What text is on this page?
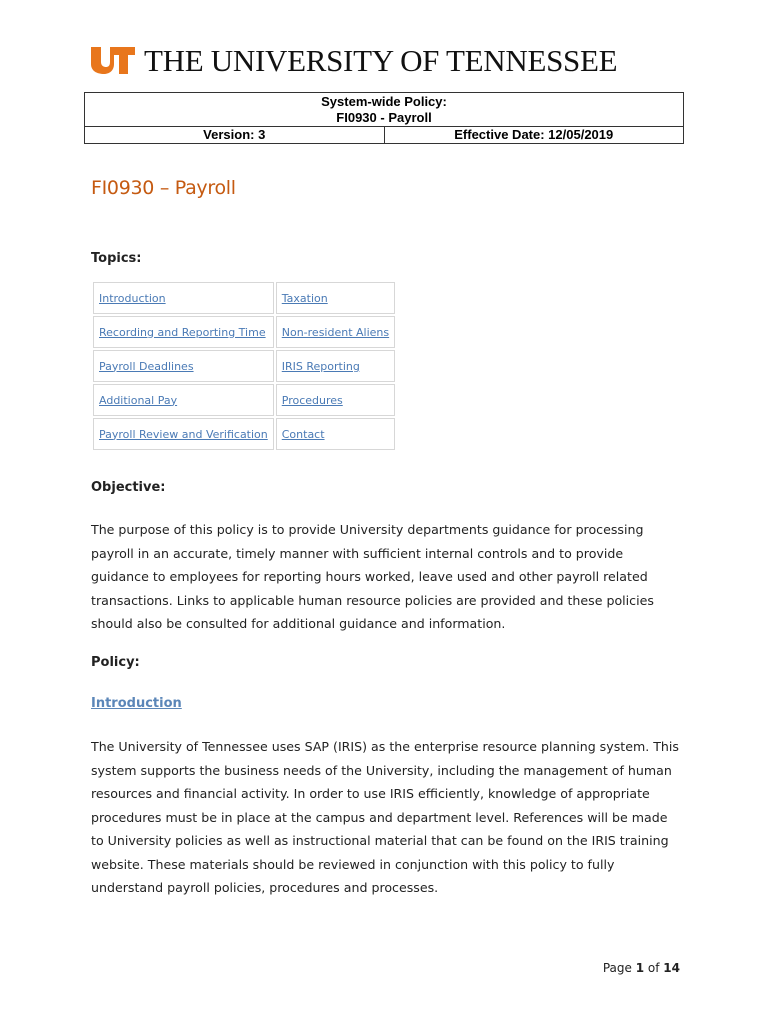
THE UNIVERSITY OF TENNESSEE
System-wide Policy:
FI0930 - Payroll
Version: 3	Effective Date: 12/05/2019
FI0930 – Payroll
Topics:
Introduction	Taxation
Recording and Reporting Time	Non-resident Aliens
Payroll Deadlines	IRIS Reporting
Additional Pay	Procedures
Payroll Review and Verification	Contact
Objective:

The purpose of this policy is to provide University departments guidance for processing payroll in an accurate, timely manner with sufficient internal controls and to provide guidance to employees for reporting hours worked, leave used and other payroll related transactions. Links to applicable human resource policies are provided and these policies should also be consulted for additional guidance and information.

Policy:
Introduction

The University of Tennessee uses SAP (IRIS) as the enterprise resource planning system. This system supports the business needs of the University, including the management of human resources and financial activity. In order to use IRIS efficiently, knowledge of appropriate procedures must be in place at the campus and department level. References will be made to University policies as well as instructional material that can be found on the IRIS training website. These materials should be reviewed in conjunction with this policy to fully understand payroll policies, procedures and processes.

Page 1 of 14
